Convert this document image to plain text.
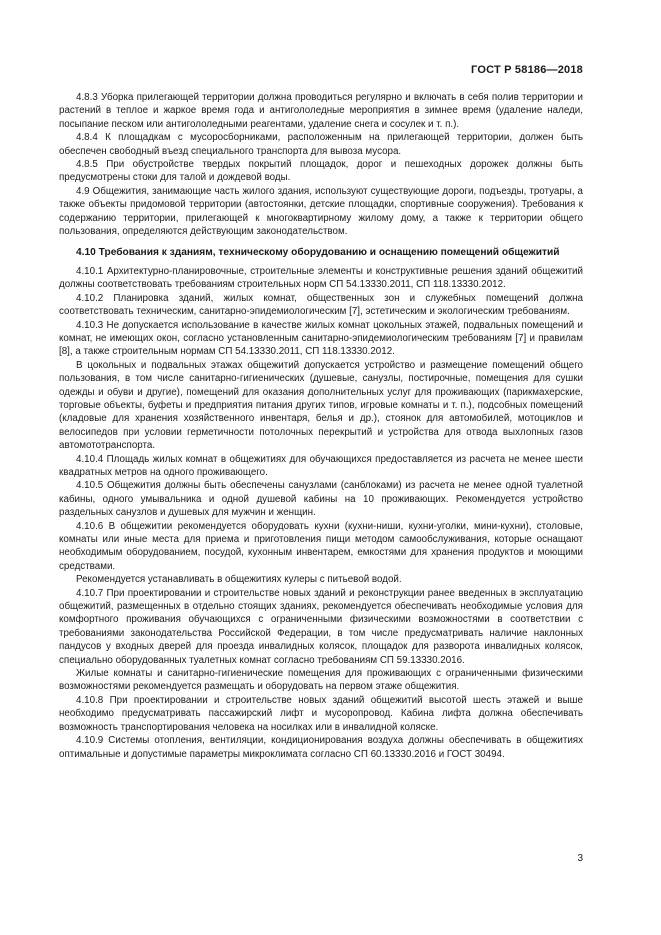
ГОСТ Р 58186—2018

4.8.3 Уборка прилегающей территории должна проводиться регулярно и включать в себя полив территории и растений в теплое и жаркое время года и антигололедные мероприятия в зимнее время (удаление наледи, посыпание песком или антигололедными реагентами, удаление снега и сосулек и т. п.).

4.8.4 К площадкам с мусоросборниками, расположенным на прилегающей территории, должен быть обеспечен свободный въезд специального транспорта для вывоза мусора.

4.8.5 При обустройстве твердых покрытий площадок, дорог и пешеходных дорожек должны быть предусмотрены стоки для талой и дождевой воды.

4.9 Общежития, занимающие часть жилого здания, используют существующие дороги, подъезды, тротуары, а также объекты придомовой территории (автостоянки, детские площадки, спортивные сооружения). Требования к содержанию территории, прилегающей к многоквартирному жилому дому, а также к территории общего пользования, определяются действующим законодательством.

4.10 Требования к зданиям, техническому оборудованию и оснащению помещений общежитий

4.10.1 Архитектурно-планировочные, строительные элементы и конструктивные решения зданий общежитий должны соответствовать требованиям строительных норм СП 54.13330.2011, СП 118.13330.2012.

4.10.2 Планировка зданий, жилых комнат, общественных зон и служебных помещений должна соответствовать техническим, санитарно-эпидемиологическим [7], эстетическим и экологическим требованиям.

4.10.3 Не допускается использование в качестве жилых комнат цокольных этажей, подвальных помещений и комнат, не имеющих окон, согласно установленным санитарно-эпидемиологическим требованиям [7] и правилам [8], а также строительным нормам СП 54.13330.2011, СП 118.13330.2012.

В цокольных и подвальных этажах общежитий допускается устройство и размещение помещений общего пользования, в том числе санитарно-гигиенических (душевые, санузлы, постирочные, помещения для сушки одежды и обуви и другие), помещений для оказания дополнительных услуг для проживающих (парикмахерские, торговые объекты, буфеты и предприятия питания других типов, игровые комнаты и т. п.), подсобных помещений (кладовые для хранения хозяйственного инвентаря, белья и др.), стоянок для автомобилей, мотоциклов и велосипедов при условии герметичности потолочных перекрытий и устройства для отвода выхлопных газов автомототранспорта.

4.10.4 Площадь жилых комнат в общежитиях для обучающихся предоставляется из расчета не менее шести квадратных метров на одного проживающего.

4.10.5 Общежития должны быть обеспечены санузлами (санблоками) из расчета не менее одной туалетной кабины, одного умывальника и одной душевой кабины на 10 проживающих. Рекомендуется устройство раздельных санузлов и душевых для мужчин и женщин.

4.10.6 В общежитии рекомендуется оборудовать кухни (кухни-ниши, кухни-уголки, мини-кухни), столовые, комнаты или иные места для приема и приготовления пищи методом самообслуживания, которые оснащают необходимым оборудованием, посудой, кухонным инвентарем, емкостями для хранения продуктов и моющими средствами.

Рекомендуется устанавливать в общежитиях кулеры с питьевой водой.

4.10.7 При проектировании и строительстве новых зданий и реконструкции ранее введенных в эксплуатацию общежитий, размещенных в отдельно стоящих зданиях, рекомендуется обеспечивать необходимые условия для комфортного проживания обучающихся с ограниченными физическими возможностями в соответствии с требованиями законодательства Российской Федерации, в том числе предусматривать наличие наклонных пандусов у входных дверей для проезда инвалидных колясок, площадок для разворота инвалидных колясок, специально оборудованных туалетных комнат согласно требованиям СП 59.13330.2016.

Жилые комнаты и санитарно-гигиенические помещения для проживающих с ограниченными физическими возможностями рекомендуется размещать и оборудовать на первом этаже общежития.

4.10.8 При проектировании и строительстве новых зданий общежитий высотой шесть этажей и выше необходимо предусматривать пассажирский лифт и мусоропровод. Кабина лифта должна обеспечивать возможность транспортирования человека на носилках или в инвалидной коляске.

4.10.9 Системы отопления, вентиляции, кондиционирования воздуха должны обеспечивать в общежитиях оптимальные и допустимые параметры микроклимата согласно СП 60.13330.2016 и ГОСТ 30494.

3
